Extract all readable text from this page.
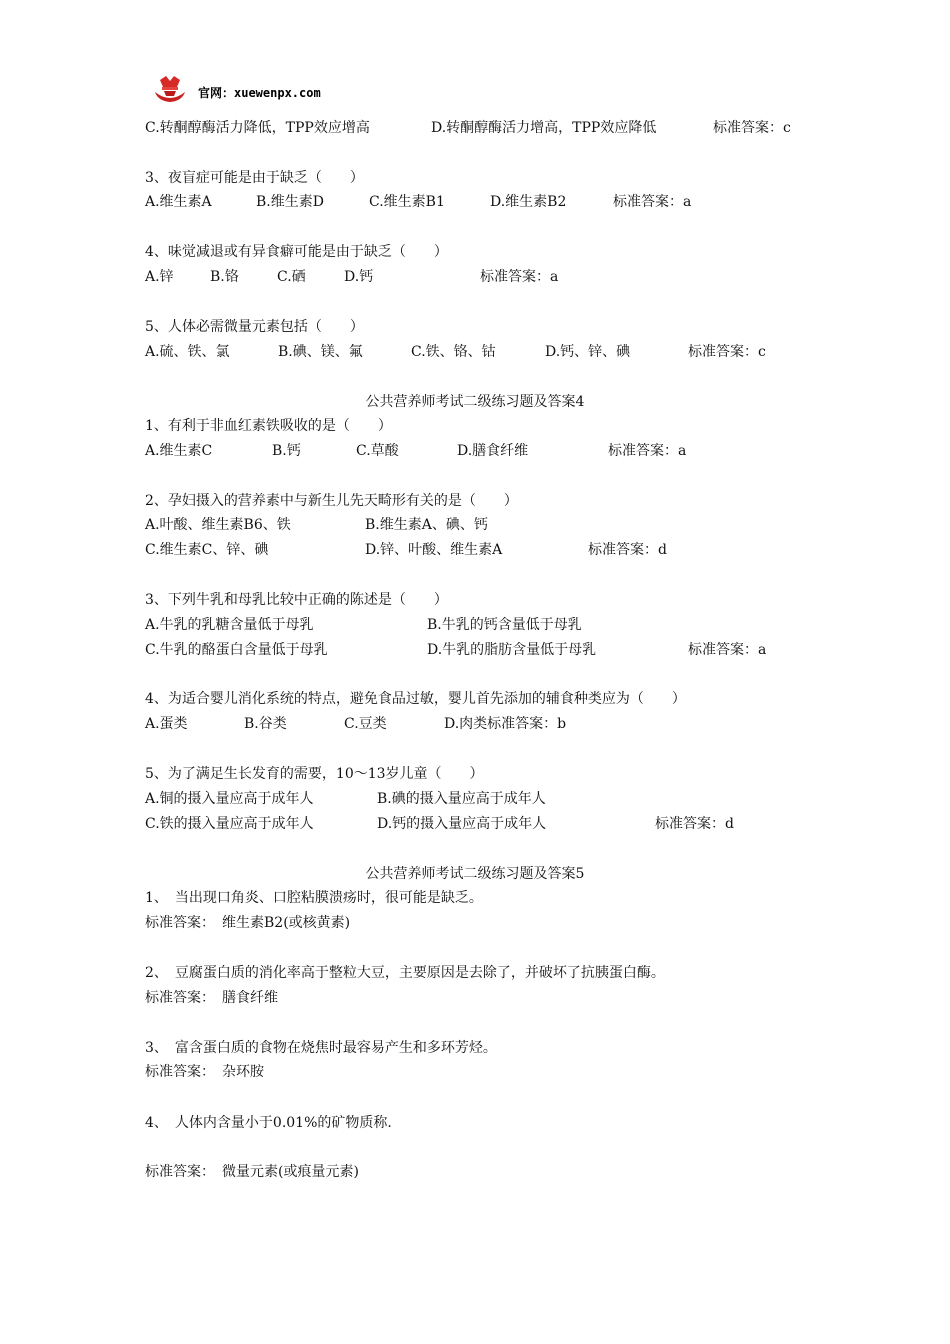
官网：xuewenpx.com

C.转酮醇酶活力降低，TPP效应增高

	D.转酮醇酶活力增高，TPP效应降低

	标准答案：c

3、夜盲症可能是由于缺乏（　　）

A.维生素A

	B.维生素D

	C.维生素B1

	D.维生素B2

	标准答案：a

4、味觉减退或有异食癖可能是由于缺乏（　　）

A.锌

	B.铬

	C.硒

	D.钙

	标准答案：a

5、人体必需微量元素包括（　　）

A.硫、铁、氯

	B.碘、镁、氟

	C.铁、铬、钴

	D.钙、锌、碘

	标准答案：c

公共营养师考试二级练习题及答案4
1、有利于非血红素铁吸收的是（　　）

A.维生素C

	B.钙

	C.草酸

	D.膳食纤维

	标准答案：a

2、孕妇摄入的营养素中与新生儿先天畸形有关的是（　　）

A.叶酸、维生素B6、铁

	B.维生素A、碘、钙

C.维生素C、锌、碘

	D.锌、叶酸、维生素A

	标准答案：d

3、下列牛乳和母乳比较中正确的陈述是（　　）

A.牛乳的乳糖含量低于母乳

	B.牛乳的钙含量低于母乳

C.牛乳的酪蛋白含量低于母乳

	D.牛乳的脂肪含量低于母乳

	标准答案：a

4、为适合婴儿消化系统的特点，避免食品过敏，婴儿首先添加的辅食种类应为（　　）

A.蛋类

	B.谷类

	C.豆类

	D.肉类标准答案：b

5、为了满足生长发育的需要，10～13岁儿童（　　）

A.铜的摄入量应高于成年人

	B.碘的摄入量应高于成年人

C.铁的摄入量应高于成年人

	D.钙的摄入量应高于成年人

	标准答案：d

公共营养师考试二级练习题及答案5
1、　当出现口角炎、口腔粘膜溃疡时，很可能是缺乏。
标准答案：　维生素B2(或核黄素)
2、　豆腐蛋白质的消化率高于整粒大豆，主要原因是去除了，并破坏了抗胰蛋白酶。
标准答案：　膳食纤维
3、　富含蛋白质的食物在烧焦时最容易产生和多环芳烃。
标准答案：　杂环胺
4、　人体内含量小于0.01%的矿物质称.
标准答案：　微量元素(或痕量元素)
